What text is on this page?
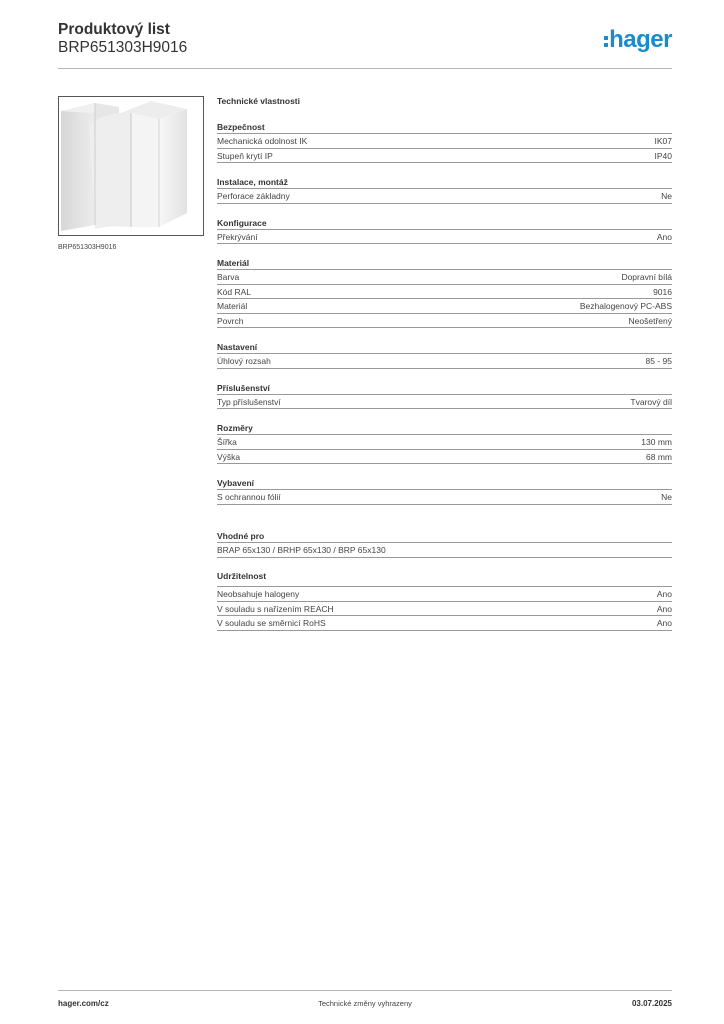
Produktový list
BRP651303H9016	hager
BRP651303H9016
Technické vlastnosti
Bezpečnost
Mechanická odolnost IK	IK07
Stupeň krytí IP	IP40
Instalace, montáž
Perforace základny	Ne
Konfigurace
Překrývání	Ano
Materiál
Barva	Dopravní bílá
Kód RAL	9016
Materiál	Bezhalogenový PC-ABS
Povrch	Neošetřený
Nastavení
Úhlový rozsah	85 - 95
Příslušenství
Typ příslušenství	Tvarový díl
Rozměry
Šířka	130 mm
Výška	68 mm
Vybavení
S ochrannou fólií	Ne
Vhodné pro
BRAP 65x130 / BRHP 65x130 / BRP 65x130
Udržitelnost
Neobsahuje halogeny	Ano
V souladu s nařízením REACH	Ano
V souladu se směrnicí RoHS	Ano
hager.com/cz	Technické změny vyhrazeny	03.07.2025
